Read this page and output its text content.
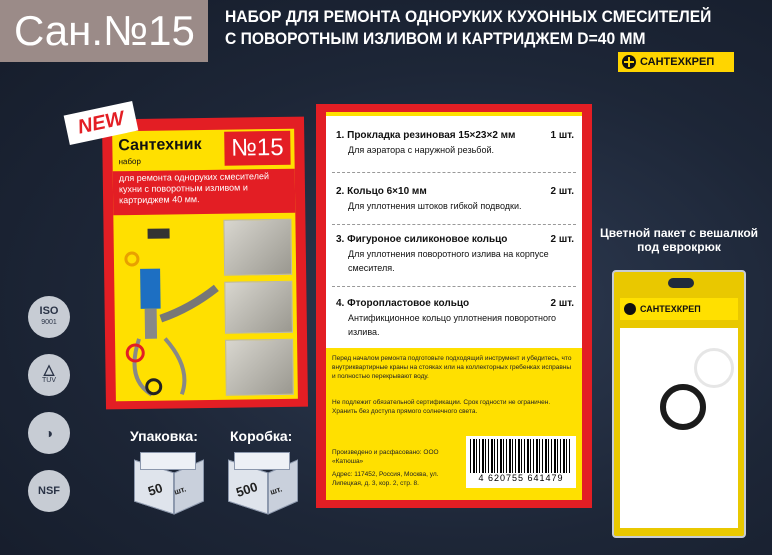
Сан.№15	НАБОР ДЛЯ РЕМОНТА ОДНОРУКИХ КУХОННЫХ СМЕСИТЕЛЕЙ
С ПОВОРОТНЫМ ИЗЛИВОМ И КАРТРИДЖЕМ D=40 ММ
САНТЕХКРЕП
ISO
9001
△
TÜV
◑
NSF
Сантехник
набор	№15
для ремонта одноруких смесителей кухни с поворотным изливом и картриджем 40 мм.
NEW	1. Прокладка резиновая 15×23×2 мм	1 шт.
Для аэратора с наружной резьбой.
2. Кольцо 6×10 мм	2 шт.
Для уплотнения штоков гибкой подводки.
3. Фигуроное силиконовое кольцо	2 шт.
Для уплотнения поворотного излива на корпусе смесителя.
4. Фторопластовое кольцо	2 шт.
Антификционное кольцо уплотнения поворотного излива.
Перед началом ремонта подготовьте подходящий инструмент и убедитесь, что внутриквартирные краны на стояках или на коллекторных гребенках исправны и полностью перекрывают воду.
Не подлежит обязательной сертификации. Срок годности не ограничен. Хранить без доступа прямого солнечного света.
Произведено и расфасовано: ООО «Катюша»
Адрес: 117452, Россия, Москва, ул. Липецкая, д. 3, кор. 2, стр. 8.
4 620755 641479
Упаковка: Коробка:
50 шт.	500 шт.
Цветной пакет с вешалкой под еврокрюк
САНТЕХКРЕП
